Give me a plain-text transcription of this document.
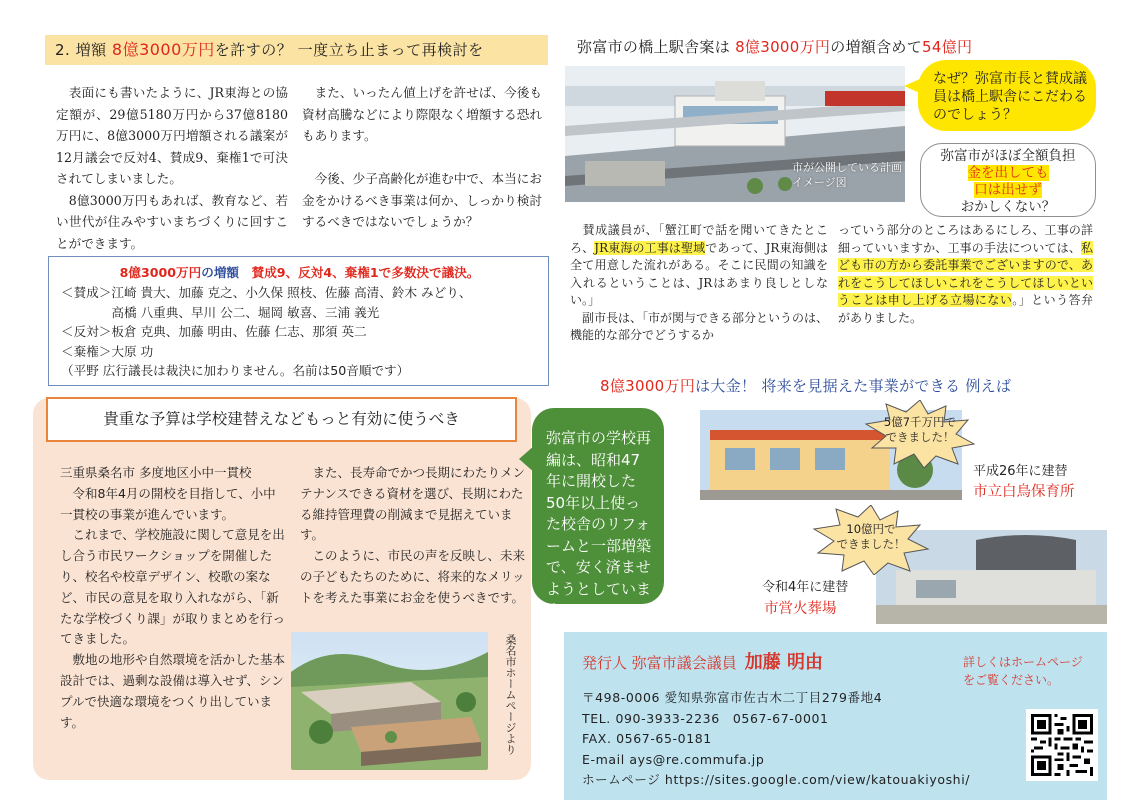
2. 増額 8億3000万円を許すの？ 一度立ち止まって再検討を

　表面にも書いたように、JR東海との協定額が、29億5180万円から37億8180万円に、8億3000万円増額される議案が12月議会で反対4、賛成9、棄権1で可決されてしまいました。

　8億3000万円もあれば、教育など、若い世代が住みやすいまちづくりに回すことができます。

　また、いったん値上げを許せば、今後も資材高騰などにより際限なく増額する恐れもあります。

　今後、少子高齢化が進む中で、本当にお金をかけるべき事業は何か、しっかり検討するべきではないでしょうか？

8億3000万円の増額　賛成9、反対4、棄権1で多数決で議決。
＜賛成＞江崎 貴大、加藤 克之、小久保 照枝、佐藤 高清、鈴木 みどり、
　　　　高橋 八重典、早川 公二、堀岡 敏喜、三浦 義光
＜反対＞板倉 克典、加藤 明由、佐藤 仁志、那須 英二
＜棄権＞大原 功
（平野 広行議長は裁決に加わりません。名前は50音順です）
貴重な予算は学校建替えなどもっと有効に使うべき

三重県桑名市 多度地区小中一貫校

　令和8年4月の開校を目指して、小中一貫校の事業が進んでいます。

　これまで、学校施設に関して意見を出し合う市民ワークショップを開催したり、校名や校章デザイン、校歌の案など、市民の意見を取り入れながら、「新たな学校づくり課」が取りまとめを行ってきました。

　敷地の地形や自然環境を活かした基本設計では、過剰な設備は導入せず、シンプルで快適な環境をつくり出しています。

　また、長寿命でかつ長期にわたりメンテナンスできる資材を選び、長期にわたる維持管理費の削減まで見据えています。

　このように、市民の声を反映し、未来の子どもたちのために、将来的なメリットを考えた事業にお金を使うべきです。

桑名市ホームページより
弥富市の学校再編は、昭和47年に開校した50年以上使った校舎のリフォームと一部増築で、安く済ませようとしています。
弥富市の橋上駅舎案は 8億3000万円の増額含めて54億円
市が公開している計画イメージ図
なぜ？弥富市長と賛成議員は橋上駅舎にこだわるのでしょう？
弥富市がほぼ全額負担
金を出しても
口は出せず
おかしくない？
　賛成議員が、「蟹江町で話を聞いてきたところ、JR東海の工事は聖域であって、JR東海側は全て用意した流れがある。そこに民間の知識を入れるということは、JRはあまり良しとしない。」
　副市長は、「市が関与できる部分というのは、機能的な部分でどうするか
っていう部分のところはあるにしろ、工事の詳細っていいますか、工事の手法については、私ども市の方から委託事業でございますので、あれをこうしてほしいこれをこうしてほしいということは申し上げる立場にない。」という答弁がありました。
8億3000万円は大金！ 将来を見据えた事業ができる 例えば
5億7千万円で
できました！
平成26年に建替
市立白鳥保育所
10億円で
できました！
令和4年に建替
市営火葬場
発行人 弥富市議会議員 加藤 明由
〒498-0006 愛知県弥富市佐古木二丁目279番地4
TEL. 090-3933-2236　0567-67-0001
FAX. 0567-65-0181
E-mail ays@re.commufa.jp
ホームページ https://sites.google.com/view/katouakiyoshi/
詳しくはホームページをご覧ください。
